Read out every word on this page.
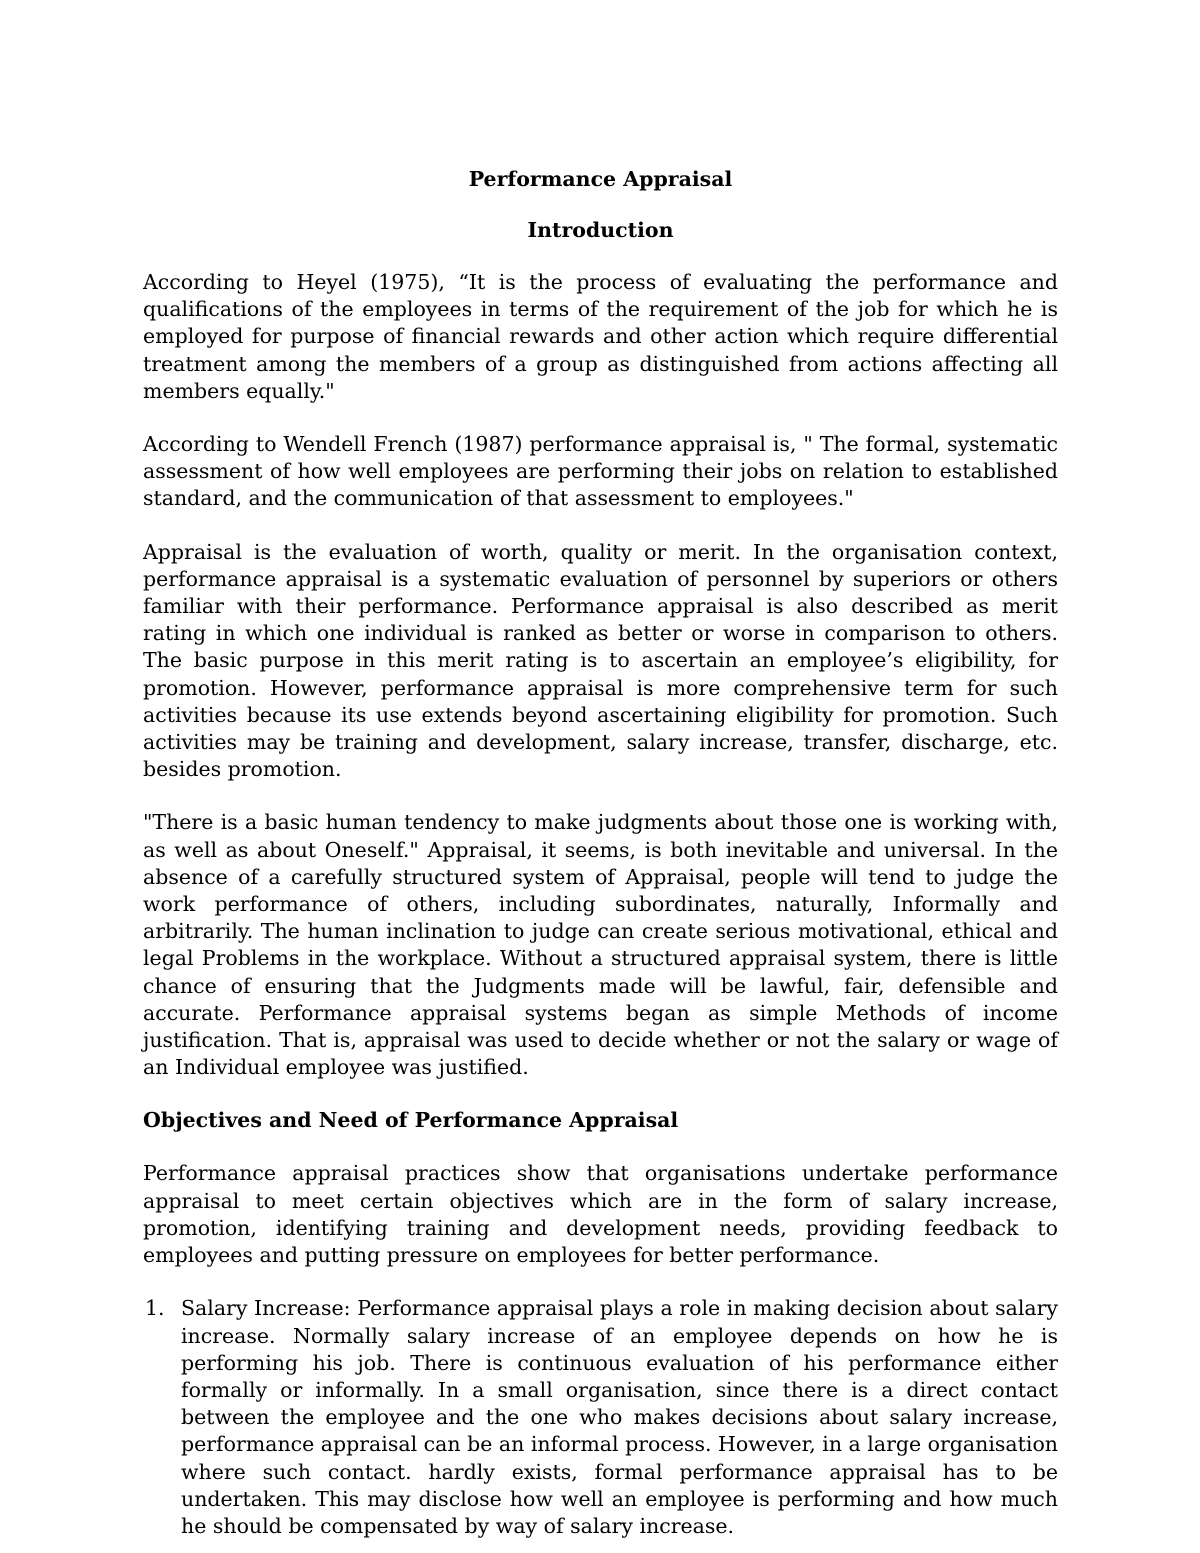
Performance Appraisal
Introduction

According to Heyel (1975), “It is the process of evaluating the performance and qualifications of the employees in terms of the requirement of the job for which he is employed for purpose of financial rewards and other action which require differential treatment among the members of a group as distinguished from actions affecting all members equally."

According to Wendell French (1987) performance appraisal is, " The formal, systematic assessment of how well employees are performing their jobs on relation to established standard, and the communication of that assessment to employees."

Appraisal is the evaluation of worth, quality or merit. In the organisation context, performance appraisal is a systematic evaluation of personnel by superiors or others familiar with their performance. Performance appraisal is also described as merit rating in which one individual is ranked as better or worse in comparison to others. The basic purpose in this merit rating is to ascertain an employee’s eligibility, for promotion. However, performance appraisal is more comprehensive term for such activities because its use extends beyond ascertaining eligibility for promotion. Such activities may be training and development, salary increase, transfer, discharge, etc. besides promotion.

"There is a basic human tendency to make judgments about those one is working with, as well as about Oneself." Appraisal, it seems, is both inevitable and universal. In the absence of a carefully structured system of Appraisal, people will tend to judge the work performance of others, including subordinates, naturally, Informally and arbitrarily. The human inclination to judge can create serious motivational, ethical and legal Problems in the workplace. Without a structured appraisal system, there is little chance of ensuring that the Judgments made will be lawful, fair, defensible and accurate. Performance appraisal systems began as simple Methods of income justification. That is, appraisal was used to decide whether or not the salary or wage of an Individual employee was justified.

Objectives and Need of Performance Appraisal

Performance appraisal practices show that organisations undertake performance appraisal to meet certain objectives which are in the form of salary increase, promotion, identifying training and development needs, providing feedback to employees and putting pressure on employees for better performance.

1. Salary Increase: Performance appraisal plays a role in making decision about salary increase. Normally salary increase of an employee depends on how he is performing his job. There is continuous evaluation of his performance either formally or informally. In a small organisation, since there is a direct contact between the employee and the one who makes decisions about salary increase, performance appraisal can be an informal process. However, in a large organisation where such contact. hardly exists, formal performance appraisal has to be undertaken. This may disclose how well an employee is performing and how much he should be compensated by way of salary increase.
